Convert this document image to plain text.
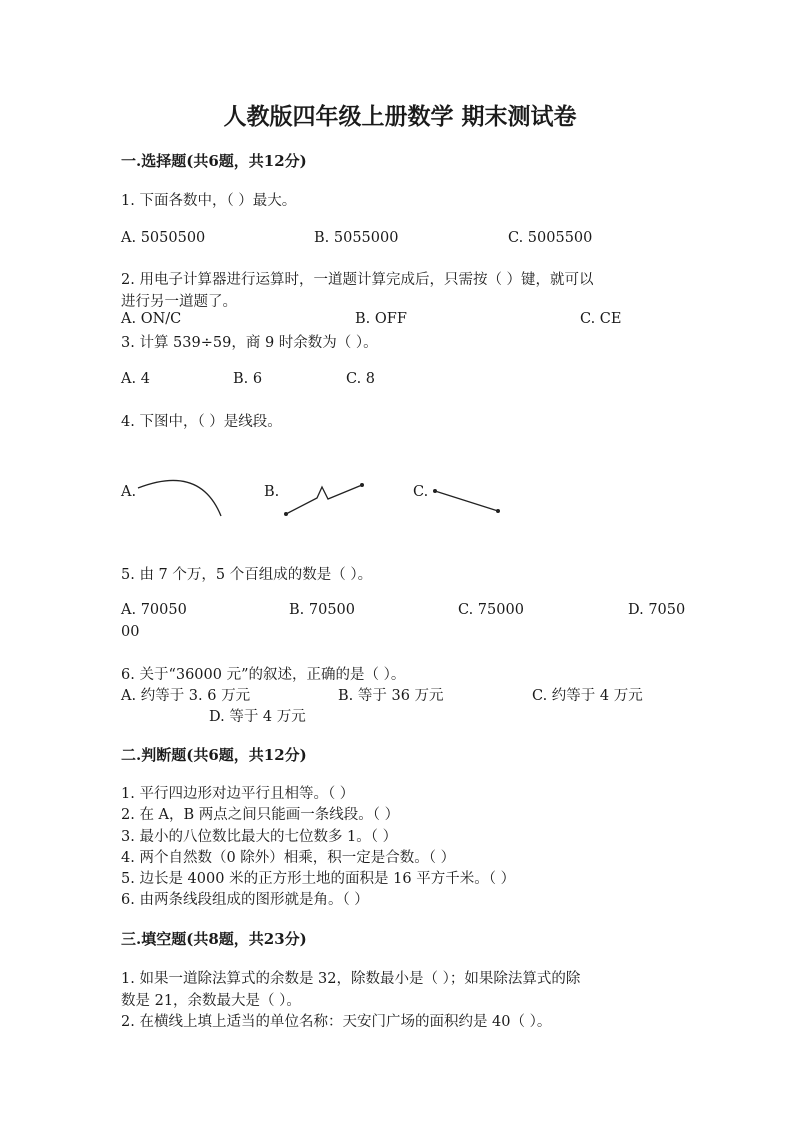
人教版四年级上册数学 期末测试卷
一.选择题(共6题，共12分)
1. 下面各数中，（ ）最大。
A. 5050500	B. 5055000	C. 5005500
2. 用电子计算器进行运算时，一道题计算完成后，只需按（ ）键，就可以
进行另一道题了。
A. ON/C	B. OFF	C. CE
3. 计算 539÷59，商 9 时余数为（ ）。
A. 4	B. 6	C. 8
4. 下图中，（ ）是线段。
A.	B.	C.
5. 由 7 个万，5 个百组成的数是（ ）。
A. 70050	B. 70500	C. 75000	D. 7050
00
6. 关于“36000 元”的叙述，正确的是（ ）。
A. 约等于 3. 6 万元	B. 等于 36 万元	C. 约等于 4 万元
D. 等于 4 万元
二.判断题(共6题，共12分)
1. 平行四边形对边平行且相等。（ ）
2. 在 A，B 两点之间只能画一条线段。（ ）
3. 最小的八位数比最大的七位数多 1。（ ）
4. 两个自然数（0 除外）相乘，积一定是合数。（ ）
5. 边长是 4000 米的正方形土地的面积是 16 平方千米。（ ）
6. 由两条线段组成的图形就是角。（ ）
三.填空题(共8题，共23分)
1. 如果一道除法算式的余数是 32，除数最小是（ ）；如果除法算式的除
数是 21，余数最大是（ ）。
2. 在横线上填上适当的单位名称：天安门广场的面积约是 40（ ）。
